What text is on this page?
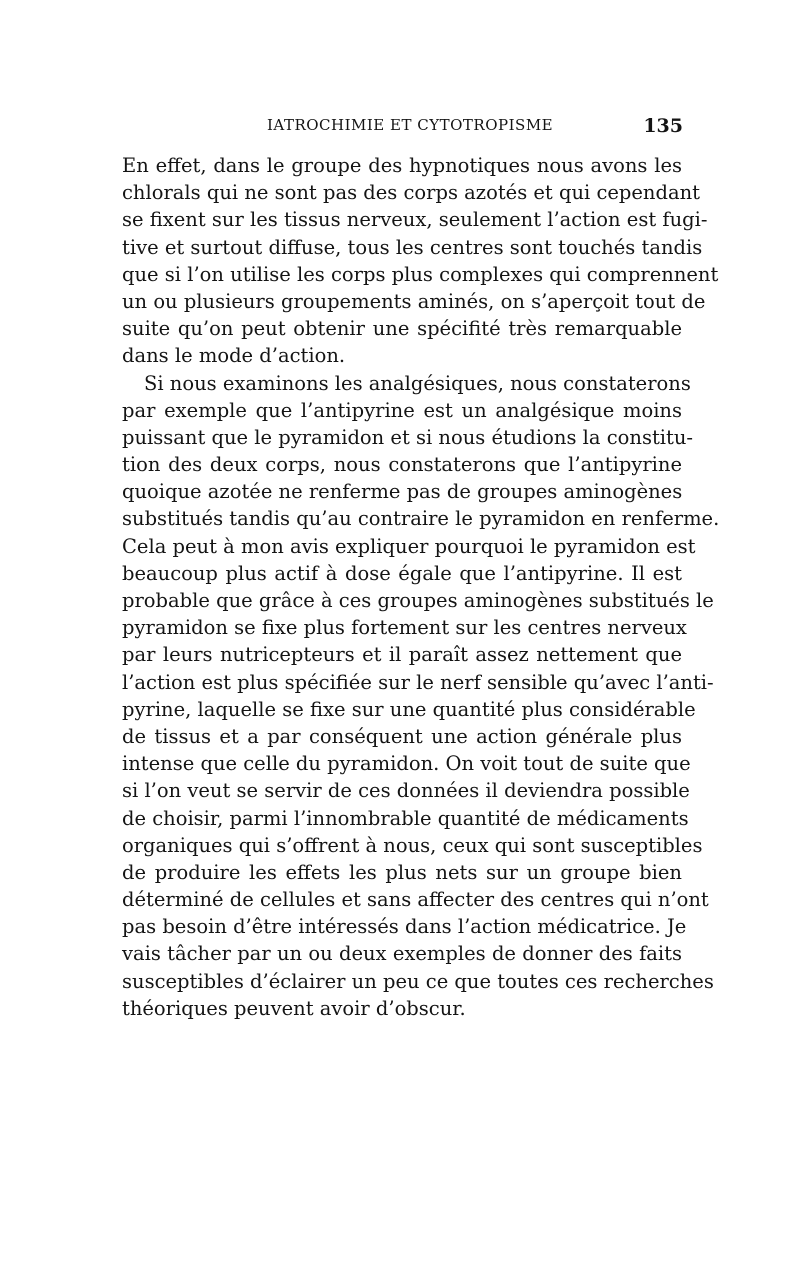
IATROCHIMIE ET CYTOTROPISME	135
En effet, dans le groupe des hypnotiques nous avons les
chlorals qui ne sont pas des corps azotés et qui cependant
se fixent sur les tissus nerveux, seulement l’action est fugi-
tive et surtout diffuse, tous les centres sont touchés tandis
que si l’on utilise les corps plus complexes qui comprennent
un ou plusieurs groupements aminés, on s’aperçoit tout de
suite qu’on peut obtenir une spécifité très remarquable
dans le mode d’action.
Si nous examinons les analgésiques, nous constaterons
par exemple que l’antipyrine est un analgésique moins
puissant que le pyramidon et si nous étudions la constitu-
tion des deux corps, nous constaterons que l’antipyrine
quoique azotée ne renferme pas de groupes aminogènes
substitués tandis qu’au contraire le pyramidon en renferme.
Cela peut à mon avis expliquer pourquoi le pyramidon est
beaucoup plus actif à dose égale que l’antipyrine. Il est
probable que grâce à ces groupes aminogènes substitués le
pyramidon se fixe plus fortement sur les centres nerveux
par leurs nutricepteurs et il paraît assez nettement que
l’action est plus spécifiée sur le nerf sensible qu’avec l’anti-
pyrine, laquelle se fixe sur une quantité plus considérable
de tissus et a par conséquent une action générale plus
intense que celle du pyramidon. On voit tout de suite que
si l’on veut se servir de ces données il deviendra possible
de choisir, parmi l’innombrable quantité de médicaments
organiques qui s’offrent à nous, ceux qui sont susceptibles
de produire les effets les plus nets sur un groupe bien
déterminé de cellules et sans affecter des centres qui n’ont
pas besoin d’être intéressés dans l’action médicatrice. Je
vais tâcher par un ou deux exemples de donner des faits
susceptibles d’éclairer un peu ce que toutes ces recherches
théoriques peuvent avoir d’obscur.
